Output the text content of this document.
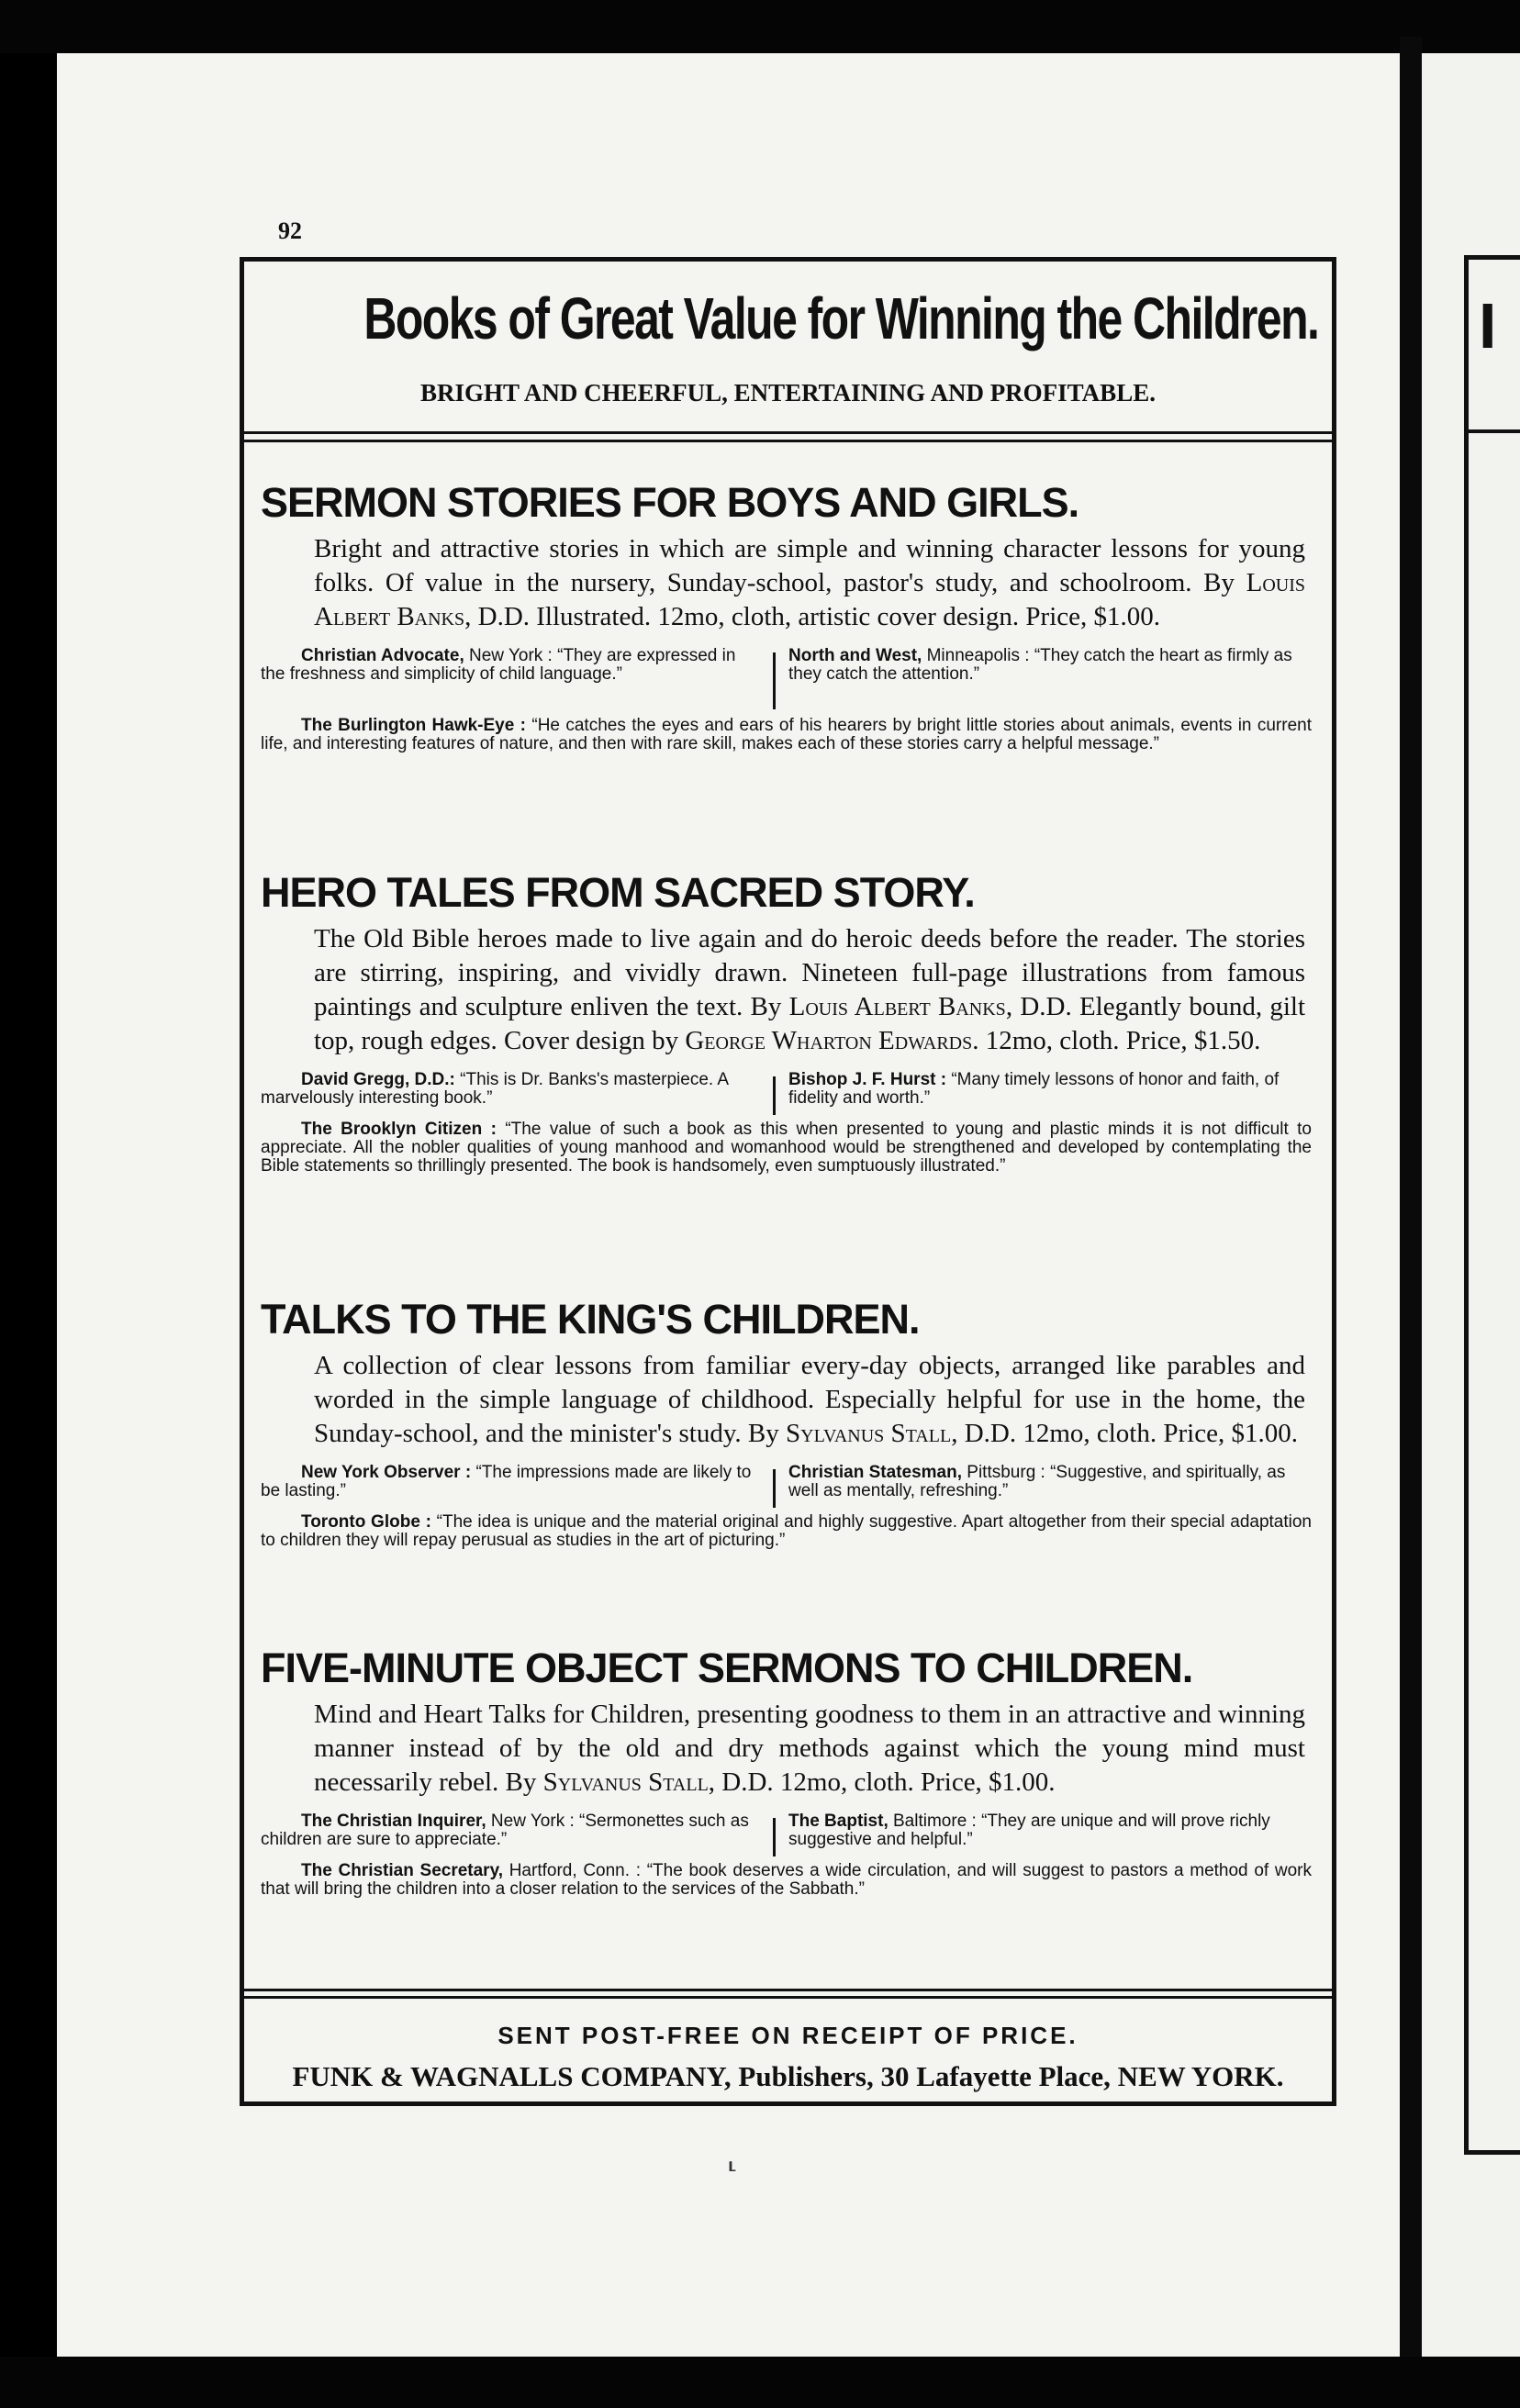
I
92
Books of Great Value for Winning the Children.
BRIGHT AND CHEERFUL, ENTERTAINING AND PROFITABLE.
SERMON STORIES FOR BOYS AND GIRLS.
Bright and attractive stories in which are simple and winning character lessons for young folks. Of value in the nursery, Sunday-school, pastor's study, and schoolroom. By Louis Albert Banks, D.D. Illustrated. 12mo, cloth, artistic cover design. Price, $1.00.
Christian Advocate, New York : “They are expressed in the freshness and simplicity of child language.”
North and West, Minneapolis : “They catch the heart as firmly as they catch the attention.”
The Burlington Hawk-Eye : “He catches the eyes and ears of his hearers by bright little stories about animals, events in current life, and interesting features of nature, and then with rare skill, makes each of these stories carry a helpful message.”
HERO TALES FROM SACRED STORY.
The Old Bible heroes made to live again and do heroic deeds before the reader. The stories are stirring, inspiring, and vividly drawn. Nineteen full-page illustrations from famous paintings and sculpture enliven the text. By Louis Albert Banks, D.D. Elegantly bound, gilt top, rough edges. Cover design by George Wharton Edwards. 12mo, cloth. Price, $1.50.
David Gregg, D.D.: “This is Dr. Banks's masterpiece. A marvelously interesting book.”
Bishop J. F. Hurst : “Many timely lessons of honor and faith, of fidelity and worth.”
The Brooklyn Citizen : “The value of such a book as this when presented to young and plastic minds it is not difficult to appreciate. All the nobler qualities of young manhood and womanhood would be strengthened and developed by contemplating the Bible statements so thrillingly presented. The book is handsomely, even sumptuously illustrated.”
TALKS TO THE KING'S CHILDREN.
A collection of clear lessons from familiar every-day objects, arranged like parables and worded in the simple language of childhood. Especially helpful for use in the home, the Sunday-school, and the minister's study. By Sylvanus Stall, D.D. 12mo, cloth. Price, $1.00.
New York Observer : “The impressions made are likely to be lasting.”
Christian Statesman, Pittsburg : “Suggestive, and spiritually, as well as mentally, refreshing.”
Toronto Globe : “The idea is unique and the material original and highly suggestive. Apart altogether from their special adaptation to children they will repay perusual as studies in the art of picturing.”
FIVE-MINUTE OBJECT SERMONS TO CHILDREN.
Mind and Heart Talks for Children, presenting goodness to them in an attractive and winning manner instead of by the old and dry methods against which the young mind must necessarily rebel. By Sylvanus Stall, D.D. 12mo, cloth. Price, $1.00.
The Christian Inquirer, New York : “Sermonettes such as children are sure to appreciate.”
The Baptist, Baltimore : “They are unique and will prove richly suggestive and helpful.”
The Christian Secretary, Hartford, Conn. : “The book deserves a wide circulation, and will suggest to pastors a method of work that will bring the children into a closer relation to the services of the Sabbath.”
SENT POST-FREE ON RECEIPT OF PRICE.
FUNK & WAGNALLS COMPANY, Publishers, 30 Lafayette Place, NEW YORK.
⸤
